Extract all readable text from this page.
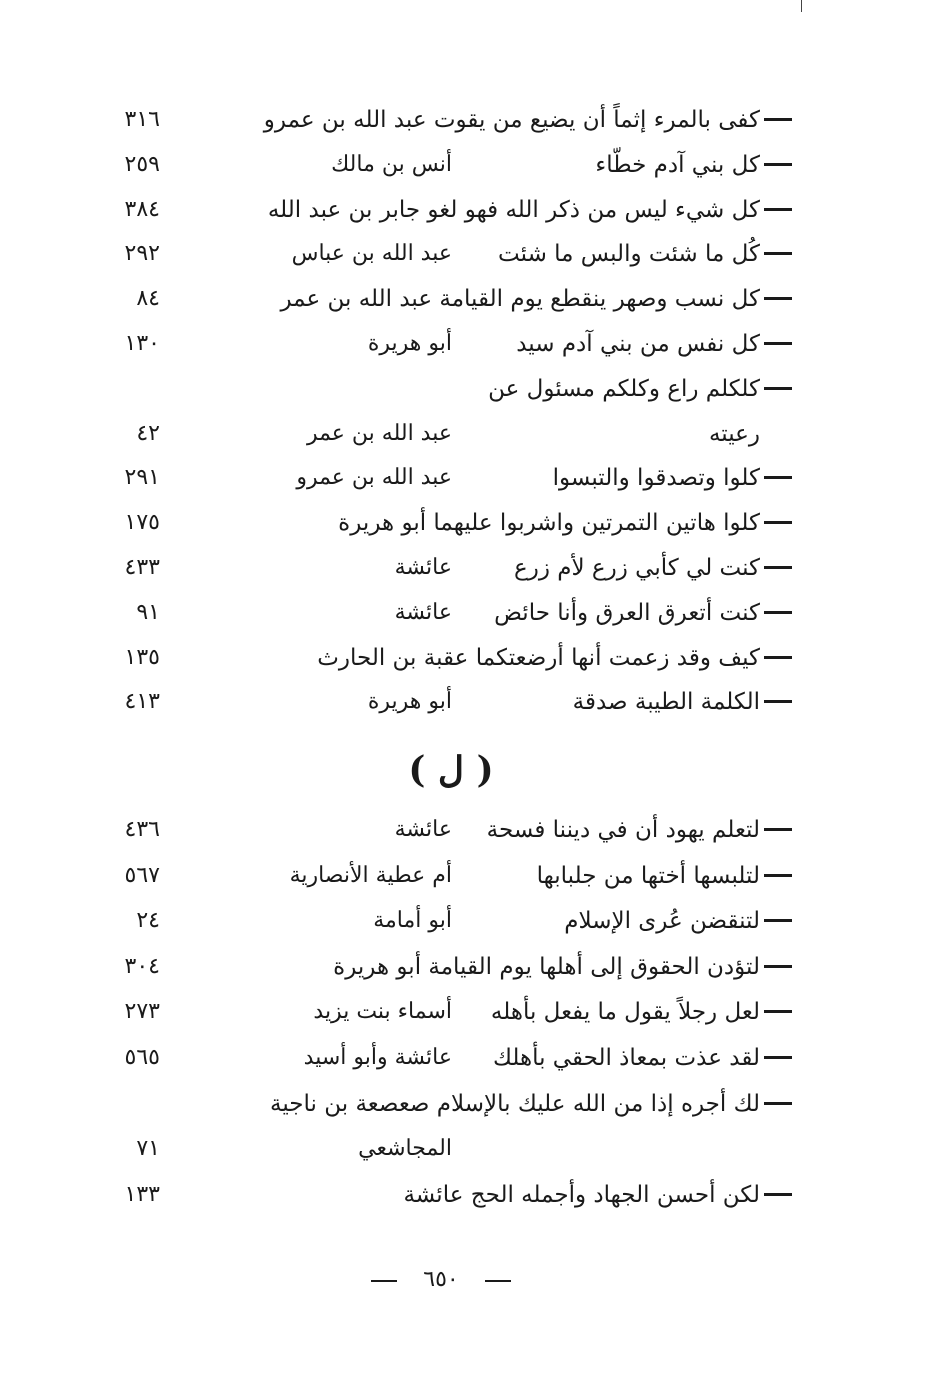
كفى بالمرء إثماً أن يضيع من يقوت عبد الله بن عمرو
٣١٦
كل بني آدم خطّاء
أنس بن مالك
٢٥٩
كل شيء ليس من ذكر الله فهو لغو جابر بن عبد الله
٣٨٤
كُل ما شئت والبس ما شئت
عبد الله بن عباس
٢٩٢
كل نسب وصهر ينقطع يوم القيامة عبد الله بن عمر
٨٤
كل نفس من بني آدم سيد
أبو هريرة
١٣٠
كلكلم راع وكلكم مسئول عن
رعيته
عبد الله بن عمر
٤٢
كلوا وتصدقوا والتبسوا
عبد الله بن عمرو
٢٩١
كلوا هاتين التمرتين واشربوا عليهما أبو هريرة
١٧٥
كنت لي كأبي زرع لأم زرع
عائشة
٤٣٣
كنت أتعرق العرق وأنا حائض
عائشة
٩١
كيف وقد زعمت أنها أرضعتكما عقبة بن الحارث
١٣٥
الكلمة الطيبة صدقة
أبو هريرة
٤١٣
( ل )
لتعلم يهود أن في ديننا فسحة
عائشة
٤٣٦
لتلبسها أختها من جلبابها
أم عطية الأنصارية
٥٦٧
لتنقضن عُرى الإسلام
أبو أمامة
٢٤
لتؤدن الحقوق إلى أهلها يوم القيامة أبو هريرة
٣٠٤
لعل رجلاً يقول ما يفعل بأهله
أسماء بنت يزيد
٢٧٣
لقد عذت بمعاذ الحقي بأهلك
عائشة وأبو أسيد
٥٦٥
لك أجره إذا من الله عليك بالإسلام صعصعة بن ناجية
المجاشعي
٧١
لكن أحسن الجهاد وأجمله الحج عائشة
١٣٣
٦٥٠
